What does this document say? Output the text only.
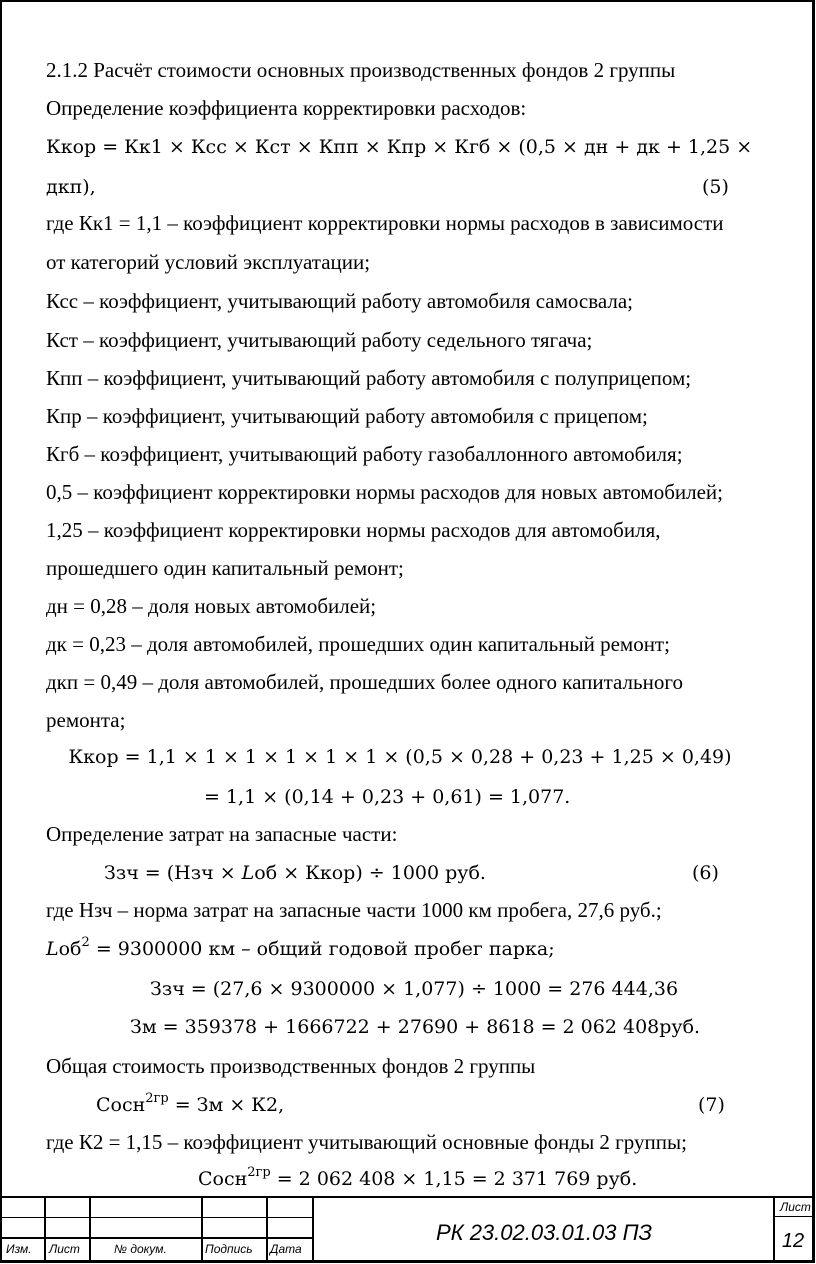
2.1.2 Расчёт стоимости основных производственных фондов 2 группы
Определение коэффициента корректировки расходов:
Ккор = Кк1 × Ксс × Кст × Кпп × Кпр × Кгб × (0,5 × дн + дк + 1,25 ×
дкп),	(5)
где Кк1 = 1,1 – коэффициент корректировки нормы расходов в зависимости
от категорий условий эксплуатации;
Ксс – коэффициент, учитывающий работу автомобиля самосвала;
Кст – коэффициент, учитывающий работу седельного тягача;
Кпп – коэффициент, учитывающий работу автомобиля с полуприцепом;
Кпр – коэффициент, учитывающий работу автомобиля с прицепом;
Кгб – коэффициент, учитывающий работу газобаллонного автомобиля;
0,5 – коэффициент корректировки нормы расходов для новых автомобилей;
1,25 – коэффициент корректировки нормы расходов для автомобиля,
прошедшего один капитальный ремонт;
дн = 0,28 – доля новых автомобилей;
дк = 0,23 – доля автомобилей, прошедших один капитальный ремонт;
дкп = 0,49 – доля автомобилей, прошедших более одного капитального
ремонта;
Ккор = 1,1 × 1 × 1 × 1 × 1 × 1 × (0,5 × 0,28 + 0,23 + 1,25 × 0,49)
= 1,1 × (0,14 + 0,23 + 0,61) = 1,077.
Определение затрат на запасные части:
Ззч = (Нзч × 𝐿об × Ккор) ÷ 1000 руб.	(6)
где Нзч – норма затрат на запасные части 1000 км пробега, 27,6 руб.;
𝐿об$^2$ = 9300000 км – общий годовой пробег парка;
Ззч = (27,6 × 9300000 × 1,077) ÷ 1000 = 276 444,36
Зм = 359378 + 1666722 + 27690 + 8618 = 2 062 408руб.
Общая стоимость производственных фондов 2 группы
Сосн$^{2гр}$ = Зм × К2,	(7)
где К2 = 1,15 – коэффициент учитывающий основные фонды 2 группы;
Сосн$^{2гр}$ = 2 062 408 × 1,15 = 2 371 769 руб.
Изм. Лист	№ докум.	Подпись Дата
РК 23.02.03.01.03 ПЗ
Лист
12
